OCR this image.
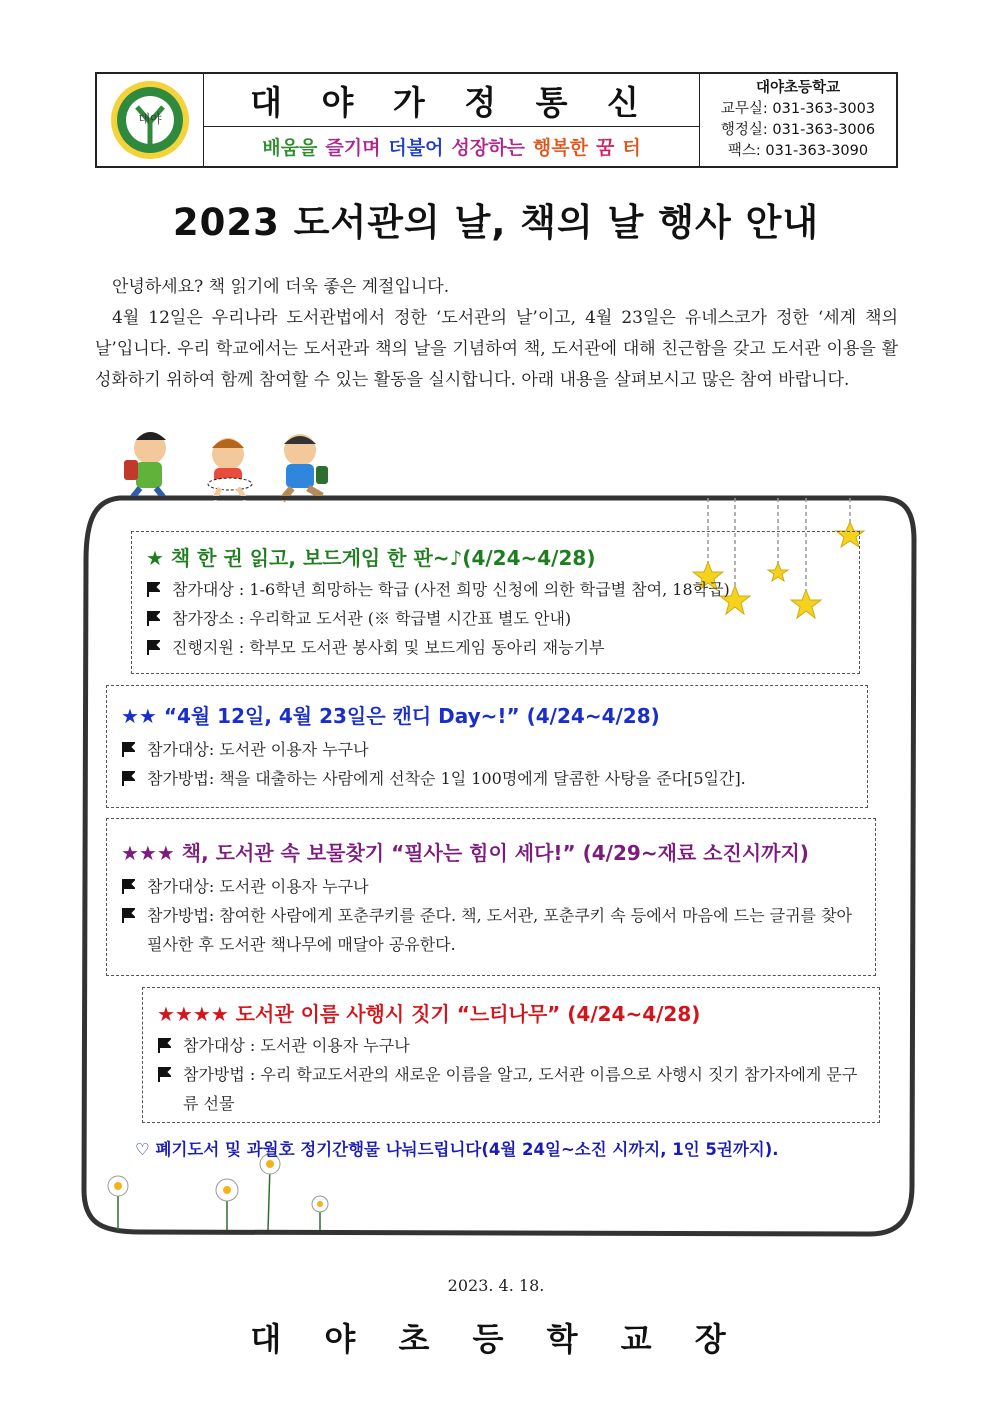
대야	대 야 가 정 통 신
배움을 즐기며 더불어 성장하는 행복한 꿈 터
대야초등학교
교무실: 031-363-3003
행정실: 031-363-3006
팩스: 031-363-3090
2023 도서관의 날, 책의 날 행사 안내

안녕하세요? 책 읽기에 더욱 좋은 계절입니다.

4월 12일은 우리나라 도서관법에서 정한 ‘도서관의 날’이고, 4월 23일은 유네스코가 정한 ‘세계 책의 날’입니다. 우리 학교에서는 도서관과 책의 날을 기념하여 책, 도서관에 대해 친근함을 갖고 도서관 이용을 활성화하기 위하여 함께 참여할 수 있는 활동을 실시합니다. 아래 내용을 살펴보시고 많은 참여 바랍니다.

★ 책 한 권 읽고, 보드게임 한 판~♪(4/24~4/28)
참가대상 : 1-6학년 희망하는 학급 (사전 희망 신청에 의한 학급별 참여, 18학급)
참가장소 : 우리학교 도서관 (※ 학급별 시간표 별도 안내)
진행지원 : 학부모 도서관 봉사회 및 보드게임 동아리 재능기부
★★ “4월 12일, 4월 23일은 캔디 Day~!” (4/24~4/28)
참가대상: 도서관 이용자 누구나
참가방법: 책을 대출하는 사람에게 선착순 1일 100명에게 달콤한 사탕을 준다[5일간].
★★★ 책, 도서관 속 보물찾기 “필사는 힘이 세다!” (4/29~재료 소진시까지)
참가대상: 도서관 이용자 누구나
참가방법: 참여한 사람에게 포춘쿠키를 준다. 책, 도서관, 포춘쿠키 속 등에서 마음에 드는 글귀를 찾아 필사한 후 도서관 책나무에 매달아 공유한다.
★★★★ 도서관 이름 사행시 짓기 “느티나무” (4/24~4/28)
참가대상 : 도서관 이용자 누구나
참가방법 : 우리 학교도서관의 새로운 이름을 알고, 도서관 이름으로 사행시 짓기 참가자에게 문구류 선물
♡ 폐기도서 및 과월호 정기간행물 나눠드립니다(4월 24일~소진 시까지, 1인 5권까지).
2023. 4. 18.
대 야 초 등 학 교 장
